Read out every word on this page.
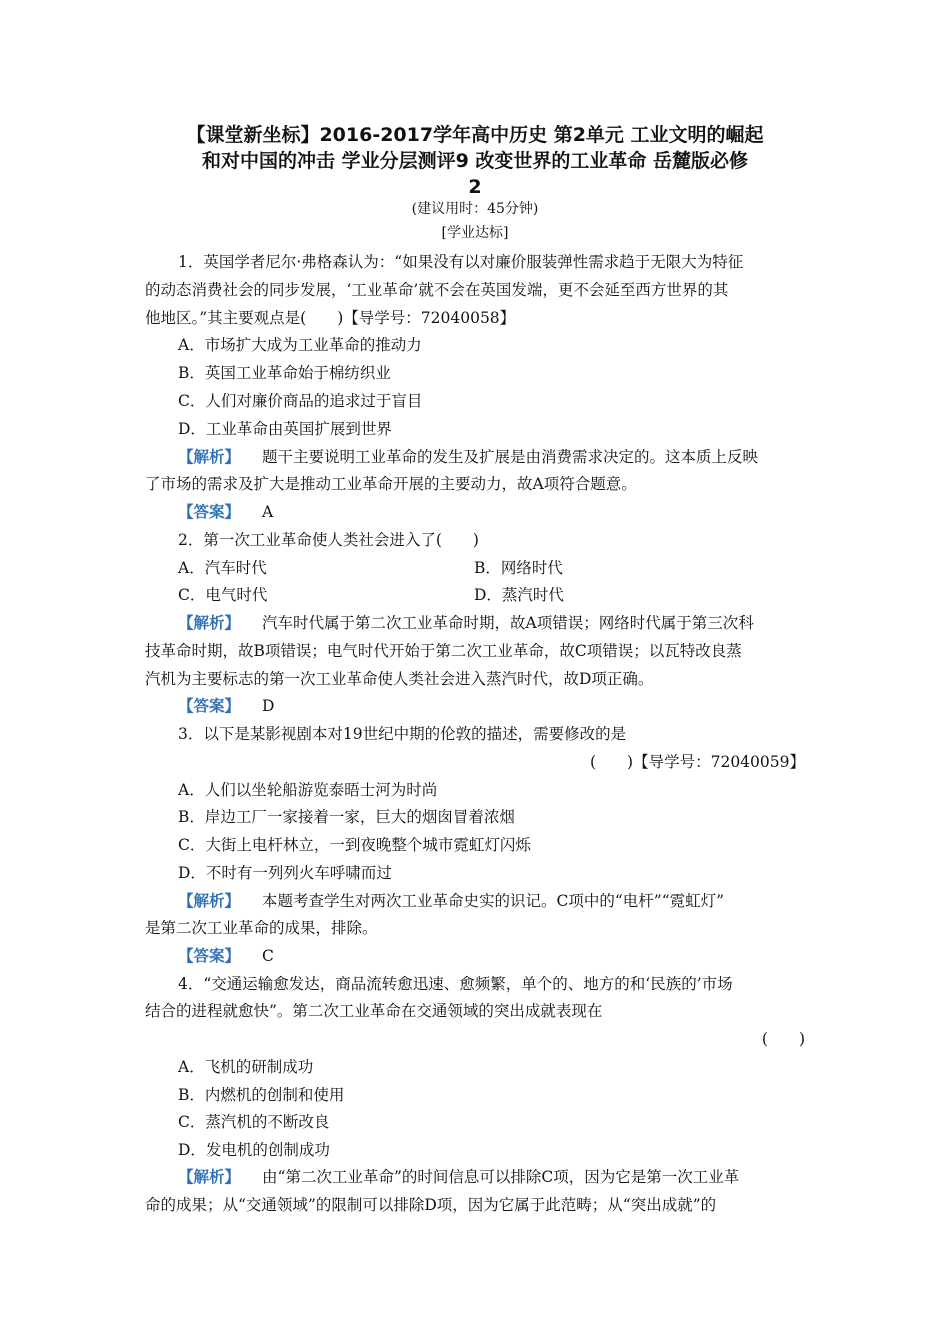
【课堂新坐标】2016-2017学年高中历史 第2单元 工业文明的崛起
和对中国的冲击 学业分层测评9 改变世界的工业革命 岳麓版必修
2
(建议用时：45分钟)
[学业达标]
1．英国学者尼尔·弗格森认为：“如果没有以对廉价服装弹性需求趋于无限大为特征
的动态消费社会的同步发展，‘工业革命’就不会在英国发端，更不会延至西方世界的其
他地区。”其主要观点是(　　)【导学号：72040058】
A．市场扩大成为工业革命的推动力
B．英国工业革命始于棉纺织业
C．人们对廉价商品的追求过于盲目
D．工业革命由英国扩展到世界
【解析】 题干主要说明工业革命的发生及扩展是由消费需求决定的。这本质上反映
了市场的需求及扩大是推动工业革命开展的主要动力，故A项符合题意。
【答案】 A
2．第一次工业革命使人类社会进入了(　　)
A．汽车时代	B．网络时代
C．电气时代	D．蒸汽时代
【解析】 汽车时代属于第二次工业革命时期，故A项错误；网络时代属于第三次科
技革命时期，故B项错误；电气时代开始于第二次工业革命，故C项错误；以瓦特改良蒸
汽机为主要标志的第一次工业革命使人类社会进入蒸汽时代，故D项正确。
【答案】 D
3．以下是某影视剧本对19世纪中期的伦敦的描述，需要修改的是
(　　)【导学号：72040059】
A．人们以坐轮船游览泰晤士河为时尚
B．岸边工厂一家接着一家，巨大的烟囱冒着浓烟
C．大街上电杆林立，一到夜晚整个城市霓虹灯闪烁
D．不时有一列列火车呼啸而过
【解析】 本题考查学生对两次工业革命史实的识记。C项中的“电杆”“霓虹灯”
是第二次工业革命的成果，排除。
【答案】 C
4．“交通运输愈发达，商品流转愈迅速、愈频繁，单个的、地方的和‘民族的’市场
结合的进程就愈快”。第二次工业革命在交通领域的突出成就表现在
(　　)
A．飞机的研制成功
B．内燃机的创制和使用
C．蒸汽机的不断改良
D．发电机的创制成功
【解析】 由“第二次工业革命”的时间信息可以排除C项，因为它是第一次工业革
命的成果；从“交通领域”的限制可以排除D项，因为它属于此范畴；从“突出成就”的
